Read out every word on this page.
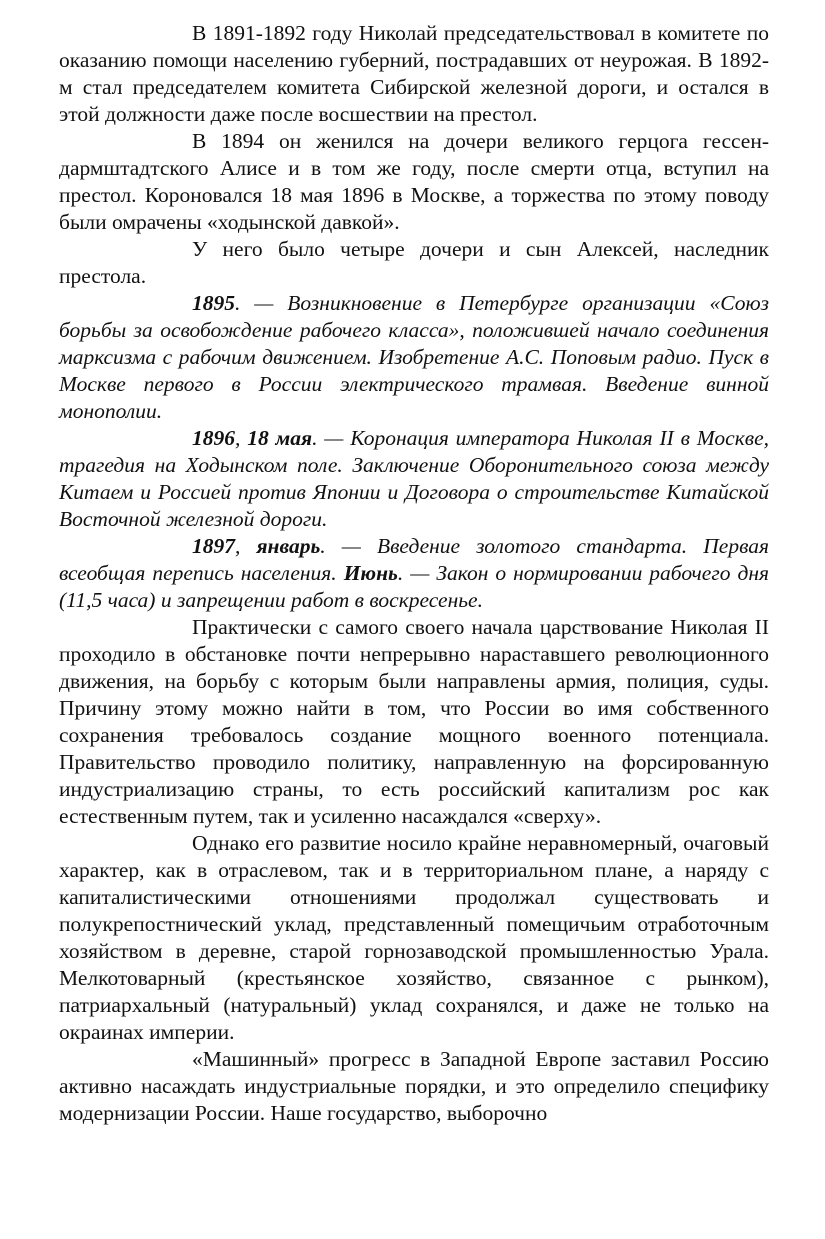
В 1891-1892 году Николай председательствовал в комитете по оказанию помощи населению губерний, пострадавших от неурожая. В 1892-м стал председателем комитета Сибирской железной дороги, и остался в этой должности даже после восшествии на престол.

В 1894 он женился на дочери великого герцога гессен-дармштадтского Алисе и в том же году, после смерти отца, вступил на престол. Короновался 18 мая 1896 в Москве, а торжества по этому поводу были омрачены «ходынской давкой».

У него было четыре дочери и сын Алексей, наследник престола.

1895. — Возникновение в Петербурге организации «Союз борьбы за освобождение рабочего класса», положившей начало соединения марксизма с рабочим движением. Изобретение А.С. Поповым радио. Пуск в Москве первого в России электрического трамвая. Введение винной монополии.

1896, 18 мая. — Коронация императора Николая II в Москве, трагедия на Ходынском поле. Заключение Оборонительного союза между Китаем и Россией против Японии и Договора о строительстве Китайской Восточной железной дороги.

1897, январь. — Введение золотого стандарта. Первая всеобщая перепись населения. Июнь. — Закон о нормировании рабочего дня (11,5 часа) и запрещении работ в воскресенье.

Практически с самого своего начала царствование Николая II проходило в обстановке почти непрерывно нараставшего революционного движения, на борьбу с которым были направлены армия, полиция, суды. Причину этому можно найти в том, что России во имя собственного сохранения требовалось создание мощного военного потенциала. Правительство проводило политику, направленную на форсированную индустриализацию страны, то есть российский капитализм рос как естественным путем, так и усиленно насаждался «сверху».

Однако его развитие носило крайне неравномерный, очаговый характер, как в отраслевом, так и в территориальном плане, а наряду с капиталистическими отношениями продолжал существовать и полукрепостнический уклад, представленный помещичьим отработочным хозяйством в деревне, старой горнозаводской промышленностью Урала. Мелкотоварный (крестьянское хозяйство, связанное с рынком), патриархальный (натуральный) уклад сохранялся, и даже не только на окраинах империи.

«Машинный» прогресс в Западной Европе заставил Россию активно насаждать индустриальные порядки, и это определило специфику модернизации России. Наше государство, выборочно
